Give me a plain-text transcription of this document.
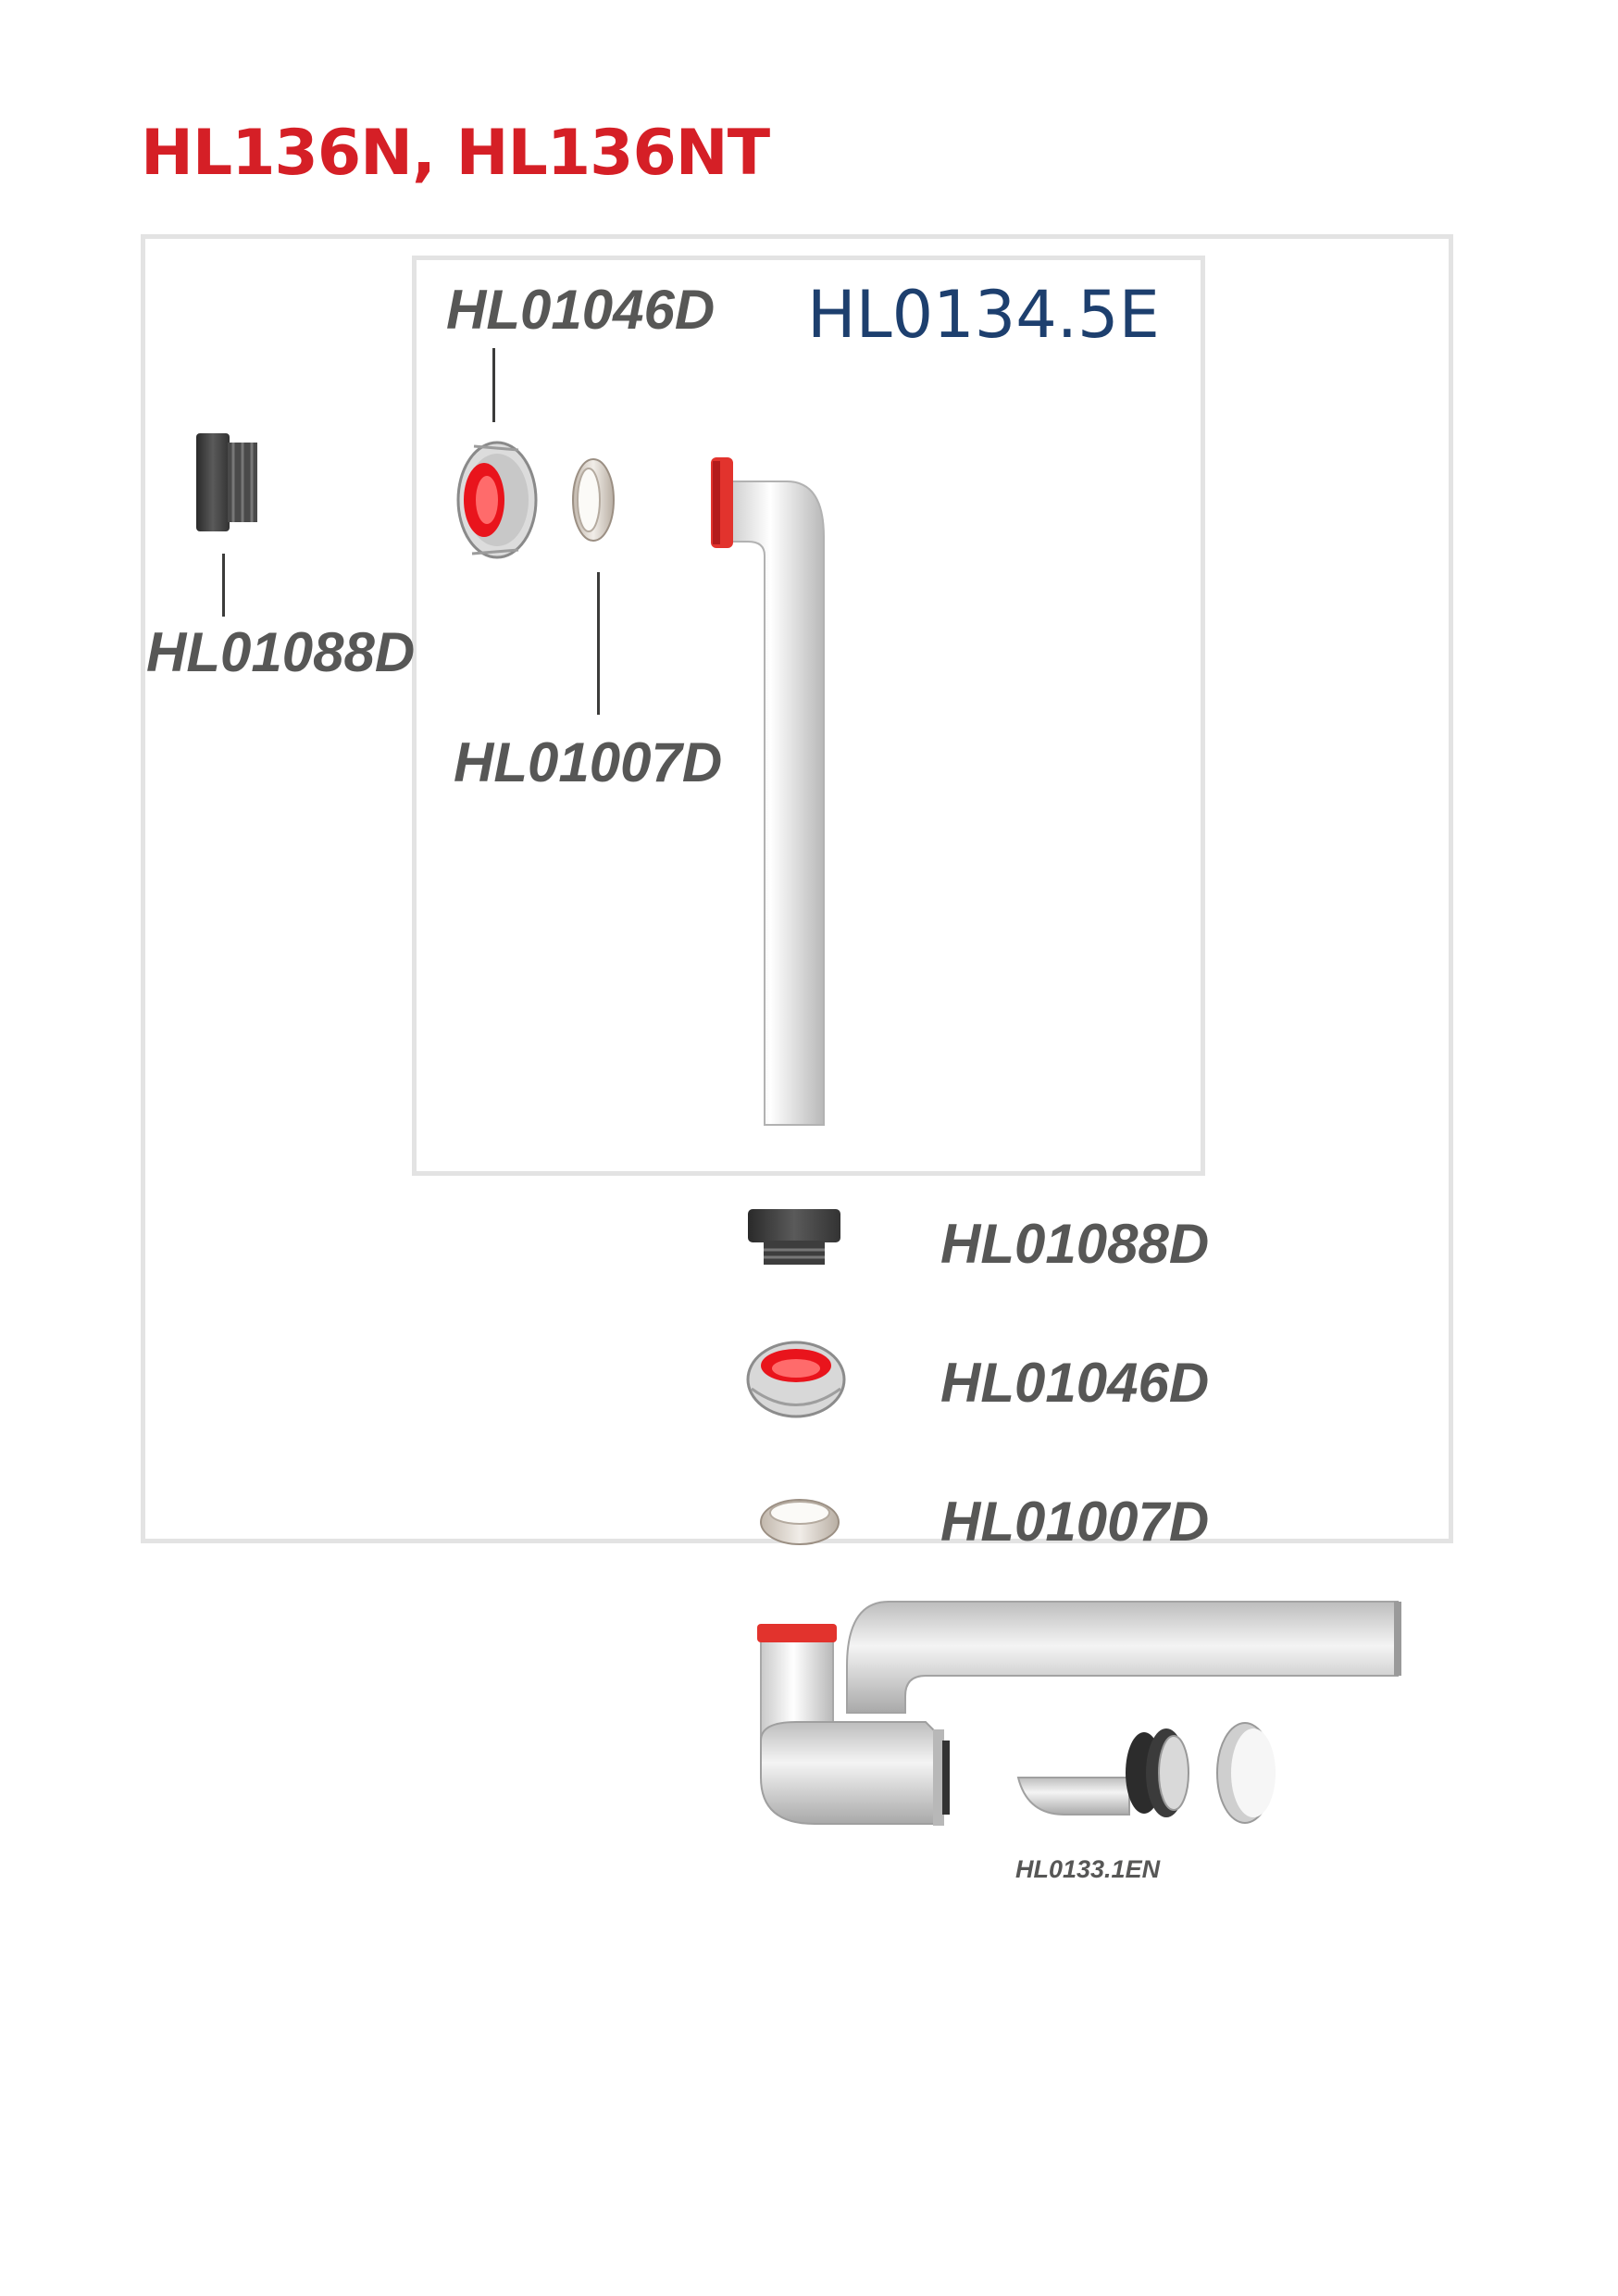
HL136N, HL136NT
HL0134.5E
HL01046D
HL01088D
HL01007D
HL01088D
HL01046D
HL01007D
HL0133.1EN
